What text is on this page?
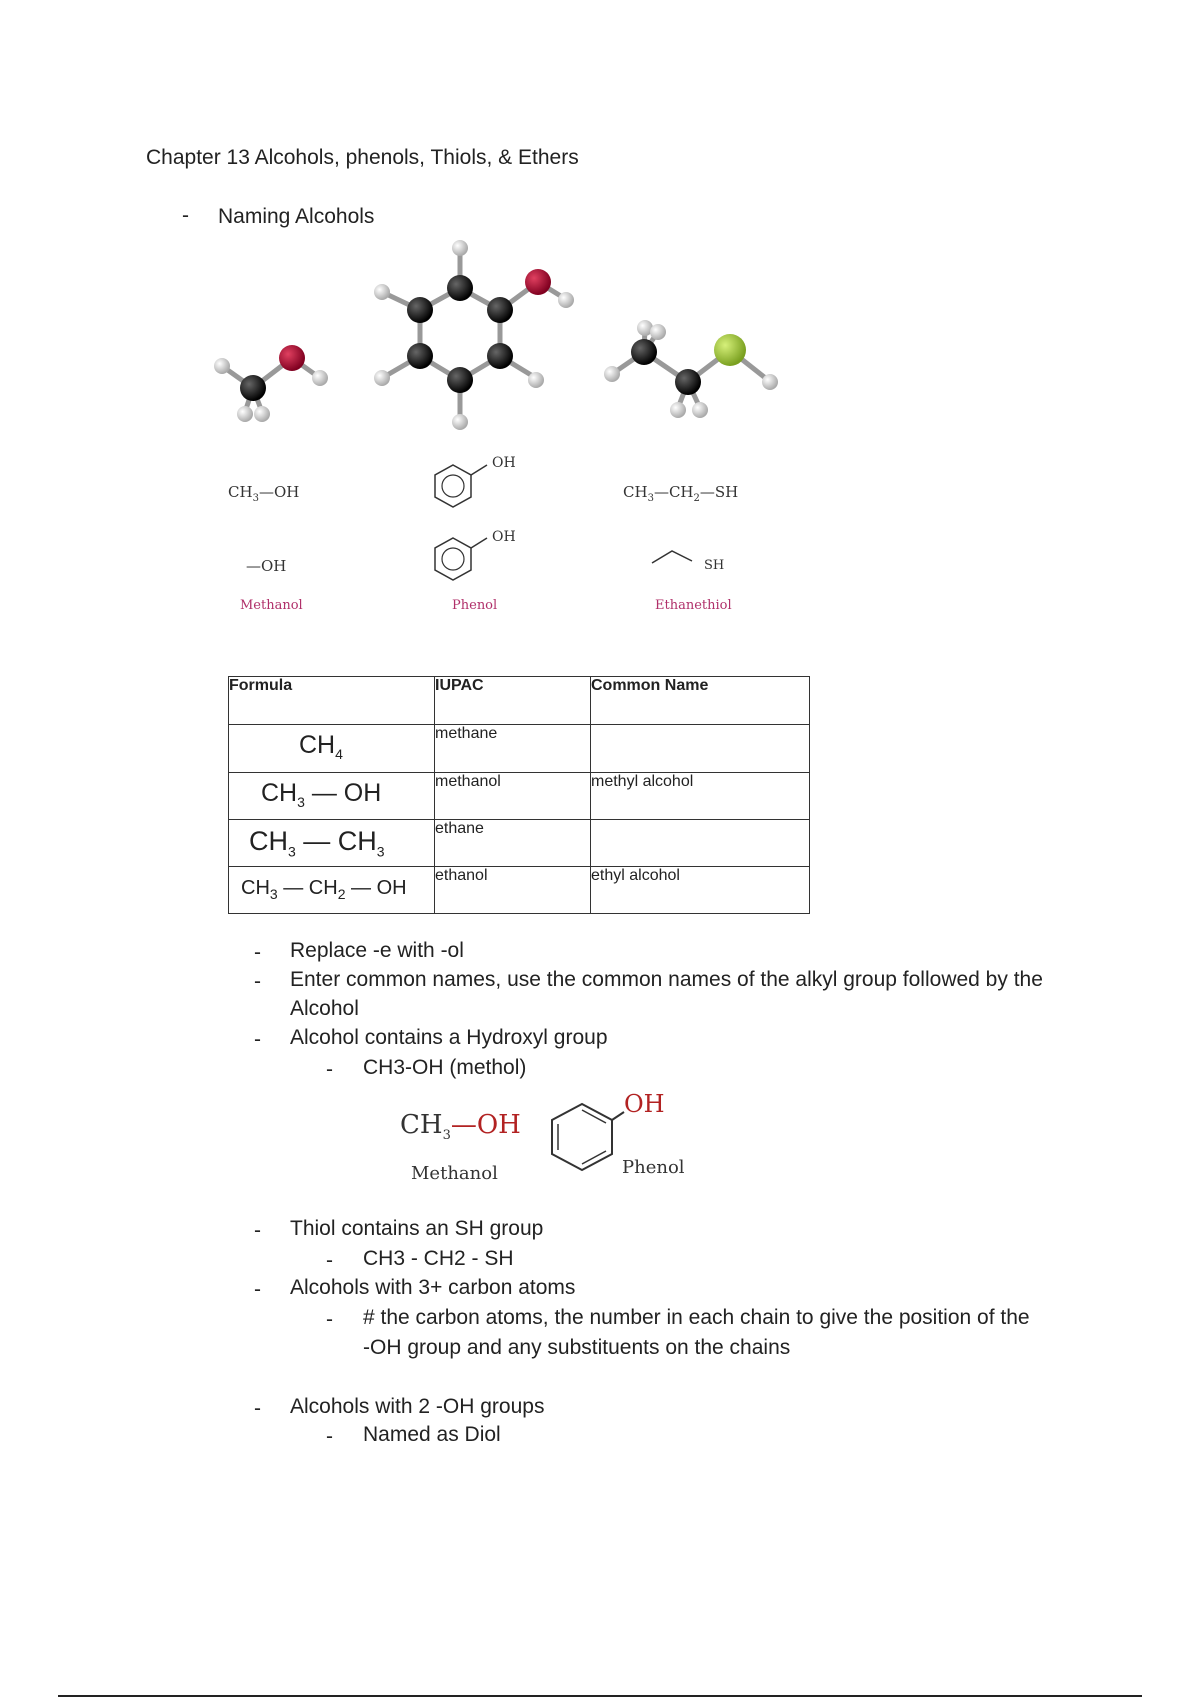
Chapter 13 Alcohols, phenols, Thiols, & Ethers
- Naming Alcohols
$CH_3—OH$
OH
$CH_3—CH_2—SH$
—OH
OH
SH
Methanol	Phenol	Ethanethiol
Formula	IUPAC	Common Name

$CH_4$	methane	

$CH_3$ — OH	methanol	methyl alcohol

$CH_3$ — $CH_3$	ethane	

$CH_3$ — $CH_2$ — OH	ethanol	ethyl alcohol
- Replace -e with -ol
- Enter common names, use the common names of the alkyl group followed by the
Alcohol
- Alcohol contains a Hydroxyl group
- CH3-OH (methol)
$CH_3—OH$
Methanol
OH
Phenol
- Thiol contains an SH group
- CH3 - CH2 - SH
- Alcohols with 3+ carbon atoms
- # the carbon atoms, the number in each chain to give the position of the
-OH group and any substituents on the chains
- Alcohols with 2 -OH groups
- Named as Diol
